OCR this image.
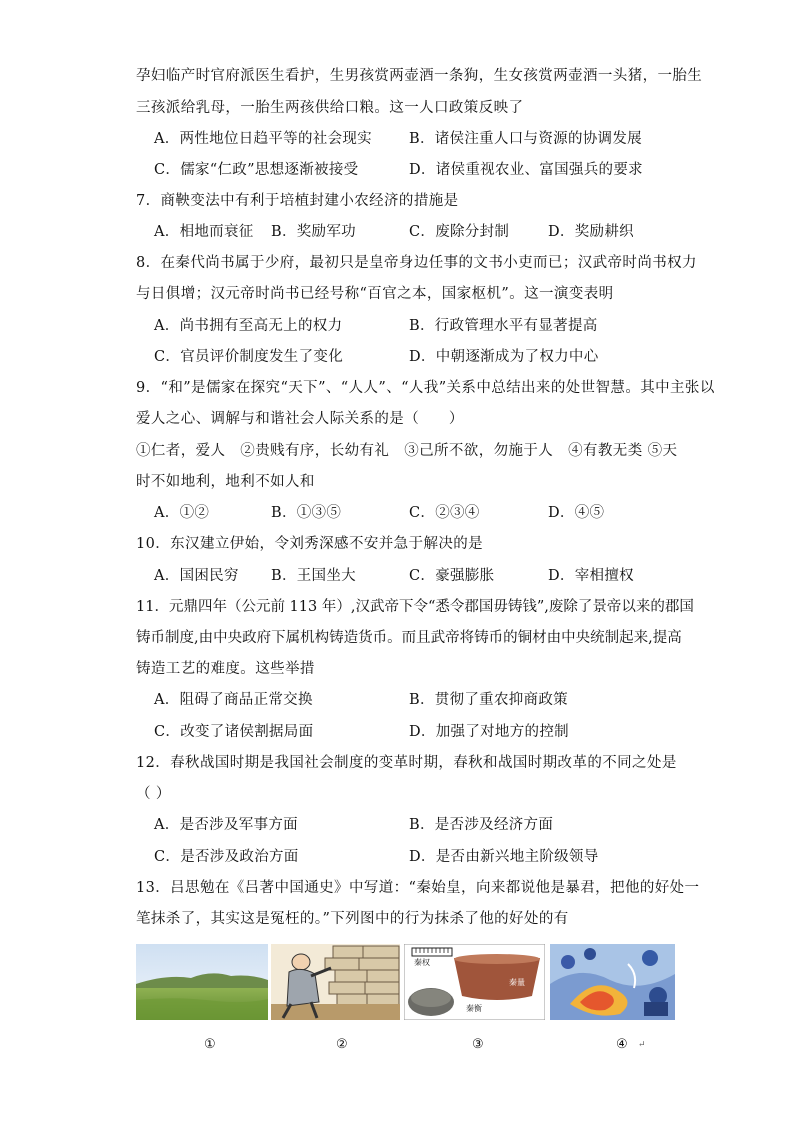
孕妇临产时官府派医生看护，生男孩赏两壶酒一条狗，生女孩赏两壶酒一头猪，一胎生
三孩派给乳母，一胎生两孩供给口粮。这一人口政策反映了
A．两性地位日趋平等的社会现实	B．诸侯注重人口与资源的协调发展
C．儒家“仁政”思想逐渐被接受	D．诸侯重视农业、富国强兵的要求
7．商鞅变法中有利于培植封建小农经济的措施是
A．相地而衰征 B．奖励军功	C．废除分封制	D．奖励耕织
8．在秦代尚书属于少府，最初只是皇帝身边任事的文书小吏而已；汉武帝时尚书权力
与日俱增；汉元帝时尚书已经号称“百官之本，国家枢机”。这一演变表明
A．尚书拥有至高无上的权力	B．行政管理水平有显著提高
C．官员评价制度发生了变化	D．中朝逐渐成为了权力中心
9．“和”是儒家在探究“天下”、“人人”、“人我”关系中总结出来的处世智慧。其中主张以
爱人之心、调解与和谐社会人际关系的是（　　）
①仁者，爱人　②贵贱有序，长幼有礼　③己所不欲，勿施于人　④有教无类 ⑤天
时不如地利，地利不如人和
A．①②	B．①③⑤	C．②③④	D．④⑤
10．东汉建立伊始，令刘秀深感不安并急于解决的是
A．国困民穷 B．王国坐大	C．豪强膨胀	D．宰相擅权
11．元鼎四年（公元前 113 年）,汉武帝下令“悉令郡国毋铸钱”,废除了景帝以来的郡国
铸币制度,由中央政府下属机构铸造货币。而且武帝将铸币的铜材由中央统制起来,提高
铸造工艺的难度。这些举措
A．阻碍了商品正常交换	B．贯彻了重农抑商政策
C．改变了诸侯割据局面	D．加强了对地方的控制
12．春秋战国时期是我国社会制度的变革时期，春秋和战国时期改革的不同之处是
（ ）
A．是否涉及军事方面	B．是否涉及经济方面
C．是否涉及政治方面	D．是否由新兴地主阶级领导
13．吕思勉在《吕著中国通史》中写道：“秦始皇，向来都说他是暴君，把他的好处一
笔抹杀了，其实这是冤枉的。”下列图中的行为抹杀了他的好处的有
秦权
秦量
秦衡
①	②	③	④ ↵
